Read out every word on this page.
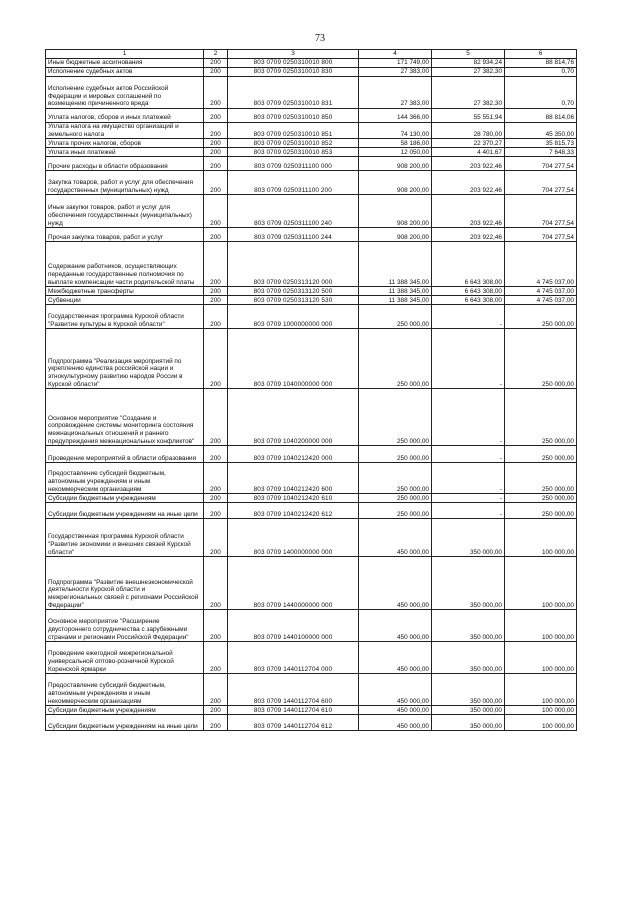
73
1	2	3	4	5	6
Иные бюджетные ассигнования	200	803 0709 0250310010 800	171 749,00	82 934,24	88 814,76
Исполнение судебных актов	200	803 0709 0250310010 830	27 383,00	27 382,30	0,70
Исполнение судебных актов Российской Федерации и мировых соглашений по возмещению причиненного вреда	200	803 0709 0250310010 831	27 383,00	27 382,30	0,70
Уплата налогов, сборов и иных платежей	200	803 0709 0250310010 850	144 366,00	55 551,94	88 814,06
Уплата налога на имущество организаций и земельного налога	200	803 0709 0250310010 851	74 130,00	28 780,00	45 350,00
Уплата прочих налогов, сборов	200	803 0709 0250310010 852	58 186,00	22 370,27	35 815,73
Уплата иных платежей	200	803 0709 0250310010 853	12 050,00	4 401,67	7 648,33
Прочие расходы в области образования	200	803 0709 0250311100 000	908 200,00	203 922,46	704 277,54
Закупка товаров, работ и услуг для обеспечения государственных (муниципальных) нужд	200	803 0709 0250311100 200	908 200,00	203 922,46	704 277,54
Иные закупки товаров, работ и услуг для обеспечения государственных (муниципальных) нужд	200	803 0709 0250311100 240	908 200,00	203 922,46	704 277,54
Прочая закупка товаров, работ и услуг	200	803 0709 0250311100 244	908 200,00	203 922,46	704 277,54
Содержание работников, осуществляющих переданные государственные полномочия по выплате компенсации части родительской платы	200	803 0709 0250313120 000	11 388 345,00	6 643 308,00	4 745 037,00
Межбюджетные трансферты	200	803 0709 0250313120 500	11 388 345,00	6 643 308,00	4 745 037,00
Субвенции	200	803 0709 0250313120 530	11 388 345,00	6 643 308,00	4 745 037,00
Государственная программа Курской области "Развитие культуры в Курской области"	200	803 0709 1000000000 000	250 000,00	-	250 000,00
Подпрограмма "Реализация мероприятий по укреплению единства российской нации и этнокультурному развитию народов России в Курской области"	200	803 0709 1040000000 000	250 000,00	-	250 000,00
Основное мероприятие "Создание и сопровождение системы мониторинга состояния межнациональных отношений и раннего предупреждения межнациональных конфликтов"	200	803 0709 1040200000 000	250 000,00	-	250 000,00
Проведение мероприятий в области образования	200	803 0709 1040212420 000	250 000,00	-	250 000,00
Предоставление субсидий бюджетным, автономным учреждениям и иным некоммерческим организациям	200	803 0709 1040212420 600	250 000,00	-	250 000,00
Субсидии бюджетным учреждениям	200	803 0709 1040212420 610	250 000,00	-	250 000,00
Субсидии бюджетным учреждениям на иные цели	200	803 0709 1040212420 612	250 000,00	-	250 000,00
Государственная программа Курской области "Развитие экономики и внешних связей Курской области"	200	803 0709 1400000000 000	450 000,00	350 000,00	100 000,00
Подпрограмма "Развитие внешнеэкономической деятельности Курской области и межрегиональных связей с регионами Российской Федерации"	200	803 0709 1440000000 000	450 000,00	350 000,00	100 000,00
Основное мероприятие "Расширение двустороннего сотрудничества с зарубежными странами и регионами Российской Федерации"	200	803 0709 1440100000 000	450 000,00	350 000,00	100 000,00
Проведение ежегодной межрегиональной универсальной оптово-розничной Курской Коренской ярмарки	200	803 0709 1440112704 000	450 000,00	350 000,00	100 000,00
Предоставление субсидий бюджетным, автономным учреждениям и иным некоммерческим организациям	200	803 0709 1440112704 600	450 000,00	350 000,00	100 000,00
Субсидии бюджетным учреждениям	200	803 0709 1440112704 610	450 000,00	350 000,00	100 000,00
Субсидии бюджетным учреждениям на иные цели	200	803 0709 1440112704 612	450 000,00	350 000,00	100 000,00
